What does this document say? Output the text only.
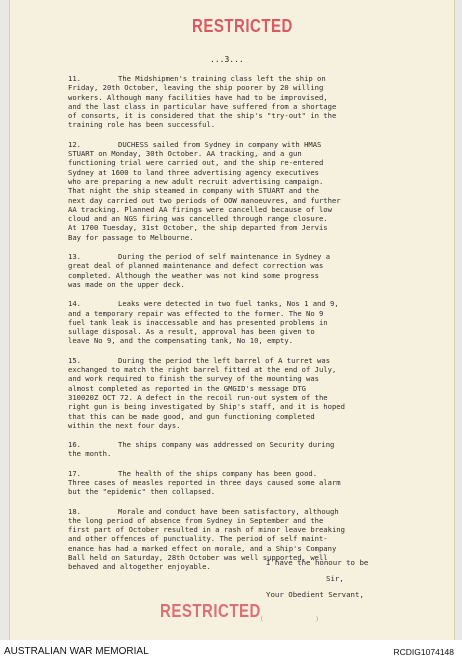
RESTRICTED
...3...

11.	The Midshipmen's training class left the ship on
Friday, 20th October, leaving the ship poorer by 20 willing
workers. Although many facilities have had to be improvised,
and the last class in particular have suffered from a shortage
of consorts, it is considered that the ship's "try-out" in the
training role has been successful.

12.	DUCHESS sailed from Sydney in company with HMAS
STUART on Monday, 30th October. AA tracking, and a gun
functioning trial were carried out, and the ship re-entered
Sydney at 1600 to land three advertising agency executives
who are preparing a new adult recruit advertising campaign.
That night the ship steamed in company with STUART and the
next day carried out two periods of OOW manoeuvres, and further
AA tracking. Planned AA firings were cancelled because of low
cloud and an NGS firing was cancelled through range closure.
At 1700 Tuesday, 31st October, the ship departed from Jervis
Bay for passage to Melbourne.

13.	During the period of self maintenance in Sydney a
great deal of planned maintenance and defect correction was
completed. Although the weather was not kind some progress
was made on the upper deck.

14.	Leaks were detected in two fuel tanks, Nos 1 and 9,
and a temporary repair was effected to the former. The No 9
fuel tank leak is inaccessable and has presented problems in
sullage disposal. As a result, approval has been given to
leave No 9, and the compensating tank, No 10, empty.

15.	During the period the left barrel of A turret was
exchanged to match the right barrel fitted at the end of July,
and work required to finish the survey of the mounting was
almost completed as reported in the GMGID's message DTG
310020Z OCT 72. A defect in the recoil run-out system of the
right gun is being investigated by Ship's staff, and it is hoped
that this can be made good, and gun functioning completed
within the next four days.

16.	The ships company was addressed on Security during
the month.

17.	The health of the ships company has been good.
Three cases of measles reported in three days caused some alarm
but the "epidemic" then collapsed.

18.	Morale and conduct have been satisfactory, although
the long period of absence from Sydney in September and the
first part of October resulted in a rash of minor leave breaking
and other offences of punctuality. The period of self maint-
enance has had a marked effect on morale, and a Ship's Company
Ball held on Saturday, 28th October was well supported, well
behaved and altogether enjoyable.	I have the honour to be
Sir,
Your Obedient Servant,
RESTRICTED (           )
AUSTRALIAN WAR MEMORIAL	RCDIG1074148
